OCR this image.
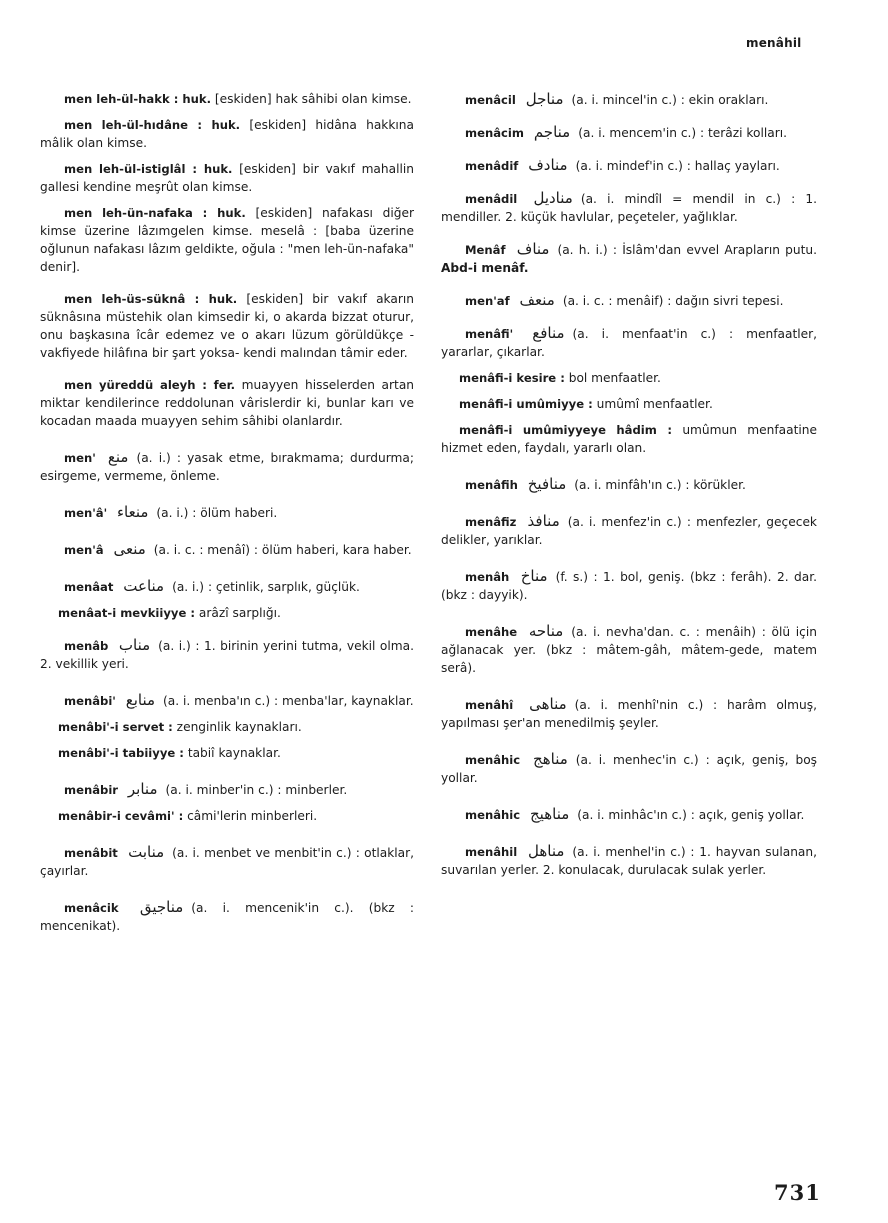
menâhil

men leh-ül-hakk : huk. [eskiden] hak sâhibi olan kimse.

men leh-ül-hıdâne : huk. [eskiden] hidâna hakkına mâlik olan kimse.

men leh-ül-istiglâl : huk. [eskiden] bir vakıf mahallin gallesi kendine meşrût olan kimse.

men leh-ün-nafaka : huk. [eskiden] nafakası diğer kimse üzerine lâzımgelen kimse. meselâ : [baba üzerine oğlunun nafakası lâzım geldikte, oğula : "men leh-ün-nafaka" denir].

men leh-üs-süknâ : huk. [eskiden] bir vakıf akarın süknâsına müstehik olan kimsedir ki, o akarda bizzat oturur, onu başkasına îcâr edemez ve o akarı lüzum görüldükçe - vakfiyede hilâfına bir şart yoksa- kendi malından tâmir eder.

men yüreddü aleyh : fer. muayyen hisselerden artan miktar kendilerince reddolunan vârislerdir ki, bunlar karı ve kocadan maada muayyen sehim sâhibi olanlardır.

men' منع (a. i.) : yasak etme, bırakmama; durdurma; esirgeme, vermeme, önleme.

men'â' منعاء (a. i.) : ölüm haberi.

men'â منعى (a. i. c. : menâî) : ölüm haberi, kara haber.

menâat مناعت (a. i.) : çetinlik, sarplık, güçlük.

menâat-i mevkiiyye : arâzî sarplığı.

menâb مناب (a. i.) : 1. birinin yerini tutma, vekil olma. 2. vekillik yeri.

menâbi' منابع (a. i. menba'ın c.) : menba'lar, kaynaklar.

menâbi'-i servet : zenginlik kaynakları.

menâbi'-i tabiiyye : tabiî kaynaklar.

menâbir منابر (a. i. minber'in c.) : minberler.

menâbir-i cevâmi' : câmi'lerin minberleri.

menâbit منابت (a. i. menbet ve menbit'in c.) : otlaklar, çayırlar.

menâcik مناجيق (a. i. mencenik'in c.). (bkz : mencenikat).

menâcil مناجل (a. i. mincel'in c.) : ekin orakları.

menâcim مناجم (a. i. mencem'in c.) : terâzi kolları.

menâdif منادف (a. i. mindef'in c.) : hallaç yayları.

menâdil مناديل (a. i. mindîl = mendil in c.) : 1. mendiller. 2. küçük havlular, peçeteler, yağlıklar.

Menâf مناف (a. h. i.) : İslâm'dan evvel Arapların putu. Abd-i menâf.

men'af منعف (a. i. c. : menâif) : dağın sivri tepesi.

menâfi' منافع (a. i. menfaat'in c.) : menfaatler, yararlar, çıkarlar.

menâfi-i kesire : bol menfaatler.

menâfi-i umûmiyye : umûmî menfaatler.

menâfi-i umûmiyyeye hâdim : umûmun menfaatine hizmet eden, faydalı, yararlı olan.

menâfih منافيخ (a. i. minfâh'ın c.) : körükler.

menâfiz منافذ (a. i. menfez'in c.) : menfezler, geçecek delikler, yarıklar.

menâh مناخ (f. s.) : 1. bol, geniş. (bkz : ferâh). 2. dar. (bkz : dayyik).

menâhe مناحه (a. i. nevha'dan. c. : menâih) : ölü için ağlanacak yer. (bkz : mâtem-gâh, mâtem-gede, matem serâ).

menâhî مناهى (a. i. menhî'nin c.) : harâm olmuş, yapılması şer'an menedilmiş şeyler.

menâhic مناهج (a. i. menhec'in c.) : açık, geniş, boş yollar.

menâhic مناهيج (a. i. minhâc'ın c.) : açık, geniş yollar.

menâhil مناهل (a. i. menhel'in c.) : 1. hayvan sulanan, suvarılan yerler. 2. konulacak, durulacak sulak yerler.

731
